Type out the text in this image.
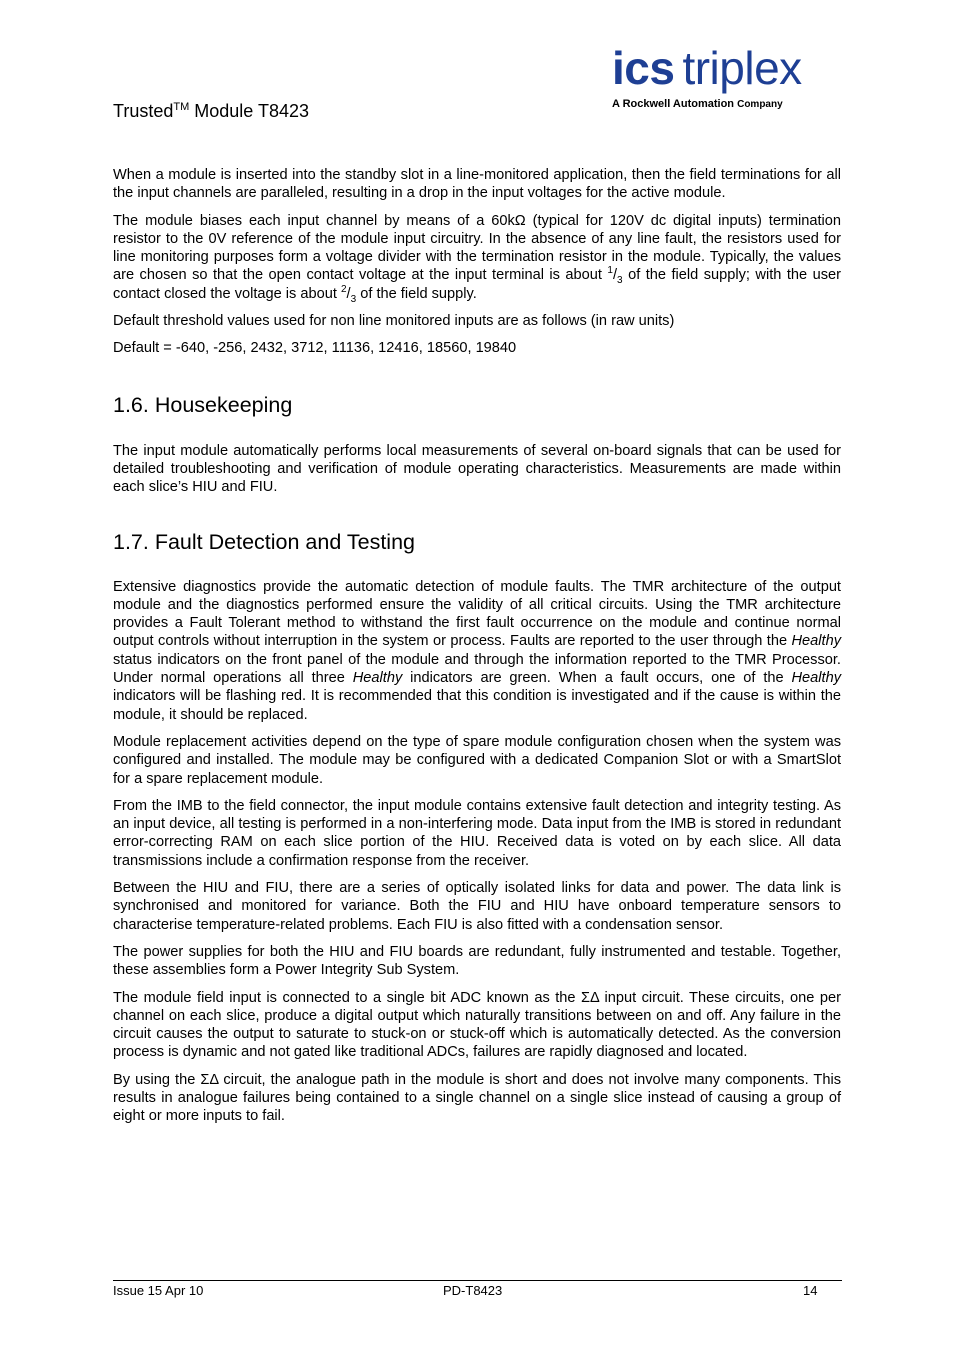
ics triplex
A Rockwell Automation Company
Trusted™ Module T8423

When a module is inserted into the standby slot in a line-monitored application, then the field terminations for all the input channels are paralleled, resulting in a drop in the input voltages for the active module.

The module biases each input channel by means of a 60kΩ (typical for 120V dc digital inputs) termination resistor to the 0V reference of the module input circuitry. In the absence of any line fault, the resistors used for line monitoring purposes form a voltage divider with the termination resistor in the module. Typically, the values are chosen so that the open contact voltage at the input terminal is about $^1/_3$ of the field supply; with the user contact closed the voltage is about $^2/_3$ of the field supply.

Default threshold values used for non line monitored inputs are as follows (in raw units)

Default = -640, -256, 2432, 3712, 11136, 12416, 18560, 19840

1.6. Housekeeping

The input module automatically performs local measurements of several on-board signals that can be used for detailed troubleshooting and verification of module operating characteristics. Measurements are made within each slice’s HIU and FIU.

1.7. Fault Detection and Testing

Extensive diagnostics provide the automatic detection of module faults. The TMR architecture of the output module and the diagnostics performed ensure the validity of all critical circuits. Using the TMR architecture provides a Fault Tolerant method to withstand the first fault occurrence on the module and continue normal output controls without interruption in the system or process. Faults are reported to the user through the Healthy status indicators on the front panel of the module and through the information reported to the TMR Processor. Under normal operations all three Healthy indicators are green. When a fault occurs, one of the Healthy indicators will be flashing red. It is recommended that this condition is investigated and if the cause is within the module, it should be replaced.

Module replacement activities depend on the type of spare module configuration chosen when the system was configured and installed. The module may be configured with a dedicated Companion Slot or with a SmartSlot for a spare replacement module.

From the IMB to the field connector, the input module contains extensive fault detection and integrity testing. As an input device, all testing is performed in a non-interfering mode. Data input from the IMB is stored in redundant error-correcting RAM on each slice portion of the HIU. Received data is voted on by each slice. All data transmissions include a confirmation response from the receiver.

Between the HIU and FIU, there are a series of optically isolated links for data and power. The data link is synchronised and monitored for variance. Both the FIU and HIU have onboard temperature sensors to characterise temperature-related problems. Each FIU is also fitted with a condensation sensor.

The power supplies for both the HIU and FIU boards are redundant, fully instrumented and testable. Together, these assemblies form a Power Integrity Sub System.

The module field input is connected to a single bit ADC known as the ΣΔ input circuit. These circuits, one per channel on each slice, produce a digital output which naturally transitions between on and off. Any failure in the circuit causes the output to saturate to stuck-on or stuck-off which is automatically detected. As the conversion process is dynamic and not gated like traditional ADCs, failures are rapidly diagnosed and located.

By using the ΣΔ circuit, the analogue path in the module is short and does not involve many components. This results in analogue failures being contained to a single channel on a single slice instead of causing a group of eight or more inputs to fail.

Issue 15 Apr 10	PD-T8423	14
